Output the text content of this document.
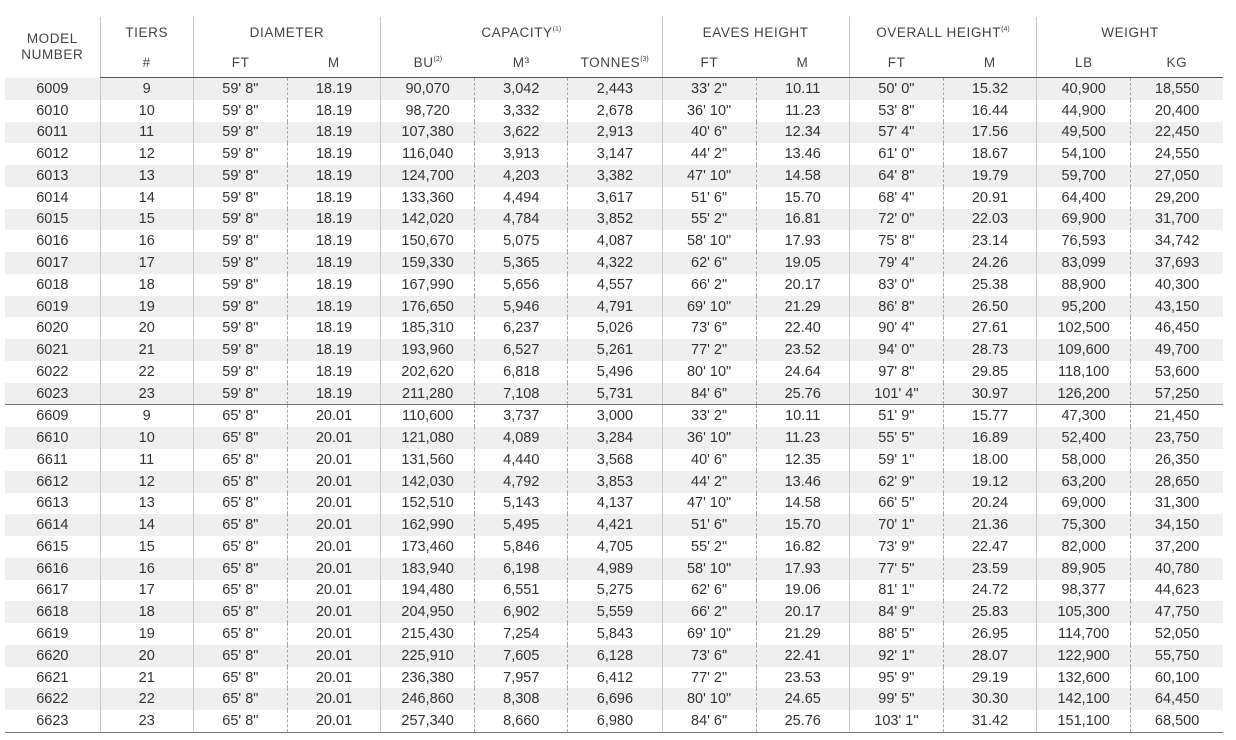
MODEL
NUMBER	TIERS	DIAMETER		CAPACITY$^{(1)}$			EAVES HEIGHT		OVERALL HEIGHT$^{(4)}$		WEIGHT	
	#	FT	M	BU$^{(2)}$	M³	TONNES$^{(3)}$	FT	M	FT	M	LB	KG
6009	9	59' 8"	18.19	90,070	3,042	2,443	33' 2"	10.11	50' 0"	15.32	40,900	18,550
6010	10	59' 8"	18.19	98,720	3,332	2,678	36' 10"	11.23	53' 8"	16.44	44,900	20,400
6011	11	59' 8"	18.19	107,380	3,622	2,913	40' 6"	12.34	57' 4"	17.56	49,500	22,450
6012	12	59' 8"	18.19	116,040	3,913	3,147	44' 2"	13.46	61' 0"	18.67	54,100	24,550
6013	13	59' 8"	18.19	124,700	4,203	3,382	47' 10"	14.58	64' 8"	19.79	59,700	27,050
6014	14	59' 8"	18.19	133,360	4,494	3,617	51' 6"	15.70	68' 4"	20.91	64,400	29,200
6015	15	59' 8"	18.19	142,020	4,784	3,852	55' 2"	16.81	72' 0"	22.03	69,900	31,700
6016	16	59' 8"	18.19	150,670	5,075	4,087	58' 10"	17.93	75' 8"	23.14	76,593	34,742
6017	17	59' 8"	18.19	159,330	5,365	4,322	62' 6"	19.05	79' 4"	24.26	83,099	37,693
6018	18	59' 8"	18.19	167,990	5,656	4,557	66' 2"	20.17	83' 0"	25.38	88,900	40,300
6019	19	59' 8"	18.19	176,650	5,946	4,791	69' 10"	21.29	86' 8"	26.50	95,200	43,150
6020	20	59' 8"	18.19	185,310	6,237	5,026	73' 6"	22.40	90' 4"	27.61	102,500	46,450
6021	21	59' 8"	18.19	193,960	6,527	5,261	77' 2"	23.52	94' 0"	28.73	109,600	49,700
6022	22	59' 8"	18.19	202,620	6,818	5,496	80' 10"	24.64	97' 8"	29.85	118,100	53,600
6023	23	59' 8"	18.19	211,280	7,108	5,731	84' 6"	25.76	101' 4"	30.97	126,200	57,250
6609	9	65' 8"	20.01	110,600	3,737	3,000	33' 2"	10.11	51' 9"	15.77	47,300	21,450
6610	10	65' 8"	20.01	121,080	4,089	3,284	36' 10"	11.23	55' 5"	16.89	52,400	23,750
6611	11	65' 8"	20.01	131,560	4,440	3,568	40' 6"	12.35	59' 1"	18.00	58,000	26,350
6612	12	65' 8"	20.01	142,030	4,792	3,853	44' 2"	13.46	62' 9"	19.12	63,200	28,650
6613	13	65' 8"	20.01	152,510	5,143	4,137	47' 10"	14.58	66' 5"	20.24	69,000	31,300
6614	14	65' 8"	20.01	162,990	5,495	4,421	51' 6"	15.70	70' 1"	21.36	75,300	34,150
6615	15	65' 8"	20.01	173,460	5,846	4,705	55' 2"	16.82	73' 9"	22.47	82,000	37,200
6616	16	65' 8"	20.01	183,940	6,198	4,989	58' 10"	17.93	77' 5"	23.59	89,905	40,780
6617	17	65' 8"	20.01	194,480	6,551	5,275	62' 6"	19.06	81' 1"	24.72	98,377	44,623
6618	18	65' 8"	20.01	204,950	6,902	5,559	66' 2"	20.17	84' 9"	25.83	105,300	47,750
6619	19	65' 8"	20.01	215,430	7,254	5,843	69' 10"	21.29	88' 5"	26.95	114,700	52,050
6620	20	65' 8"	20.01	225,910	7,605	6,128	73' 6"	22.41	92' 1"	28.07	122,900	55,750
6621	21	65' 8"	20.01	236,380	7,957	6,412	77' 2"	23.53	95' 9"	29.19	132,600	60,100
6622	22	65' 8"	20.01	246,860	8,308	6,696	80' 10"	24.65	99' 5"	30.30	142,100	64,450
6623	23	65' 8"	20.01	257,340	8,660	6,980	84' 6"	25.76	103' 1"	31.42	151,100	68,500
